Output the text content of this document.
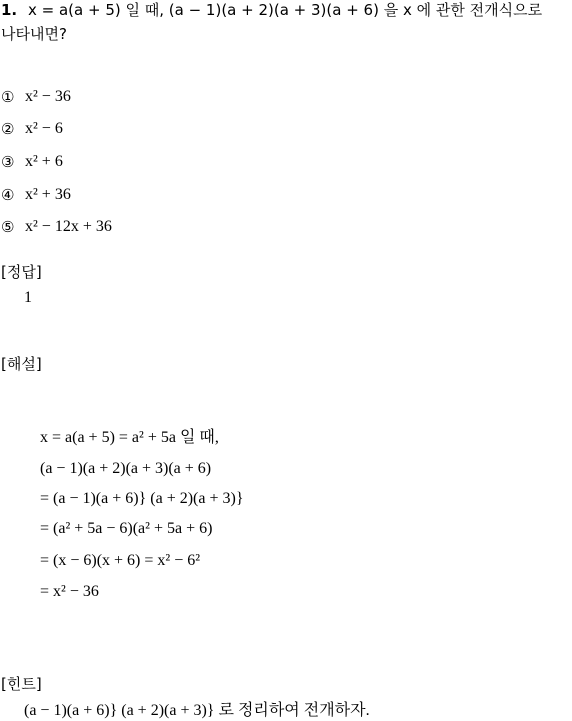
1. x = a(a + 5) 일 때, (a − 1)(a + 2)(a + 3)(a + 6) 을 x 에 관한 전개식으로
나타내면?
① x² − 36
② x² − 6
③ x² + 6
④ x² + 36
⑤ x² − 12x + 36
[정답]
1
[해설]
x = a(a + 5) = a² + 5a 일 때,
(a − 1)(a + 2)(a + 3)(a + 6)
= (a − 1)(a + 6)} (a + 2)(a + 3)}
= (a² + 5a − 6)(a² + 5a + 6)
= (x − 6)(x + 6) = x² − 6²
= x² − 36
[힌트]
(a − 1)(a + 6)} (a + 2)(a + 3)} 로 정리하여 전개하자.
